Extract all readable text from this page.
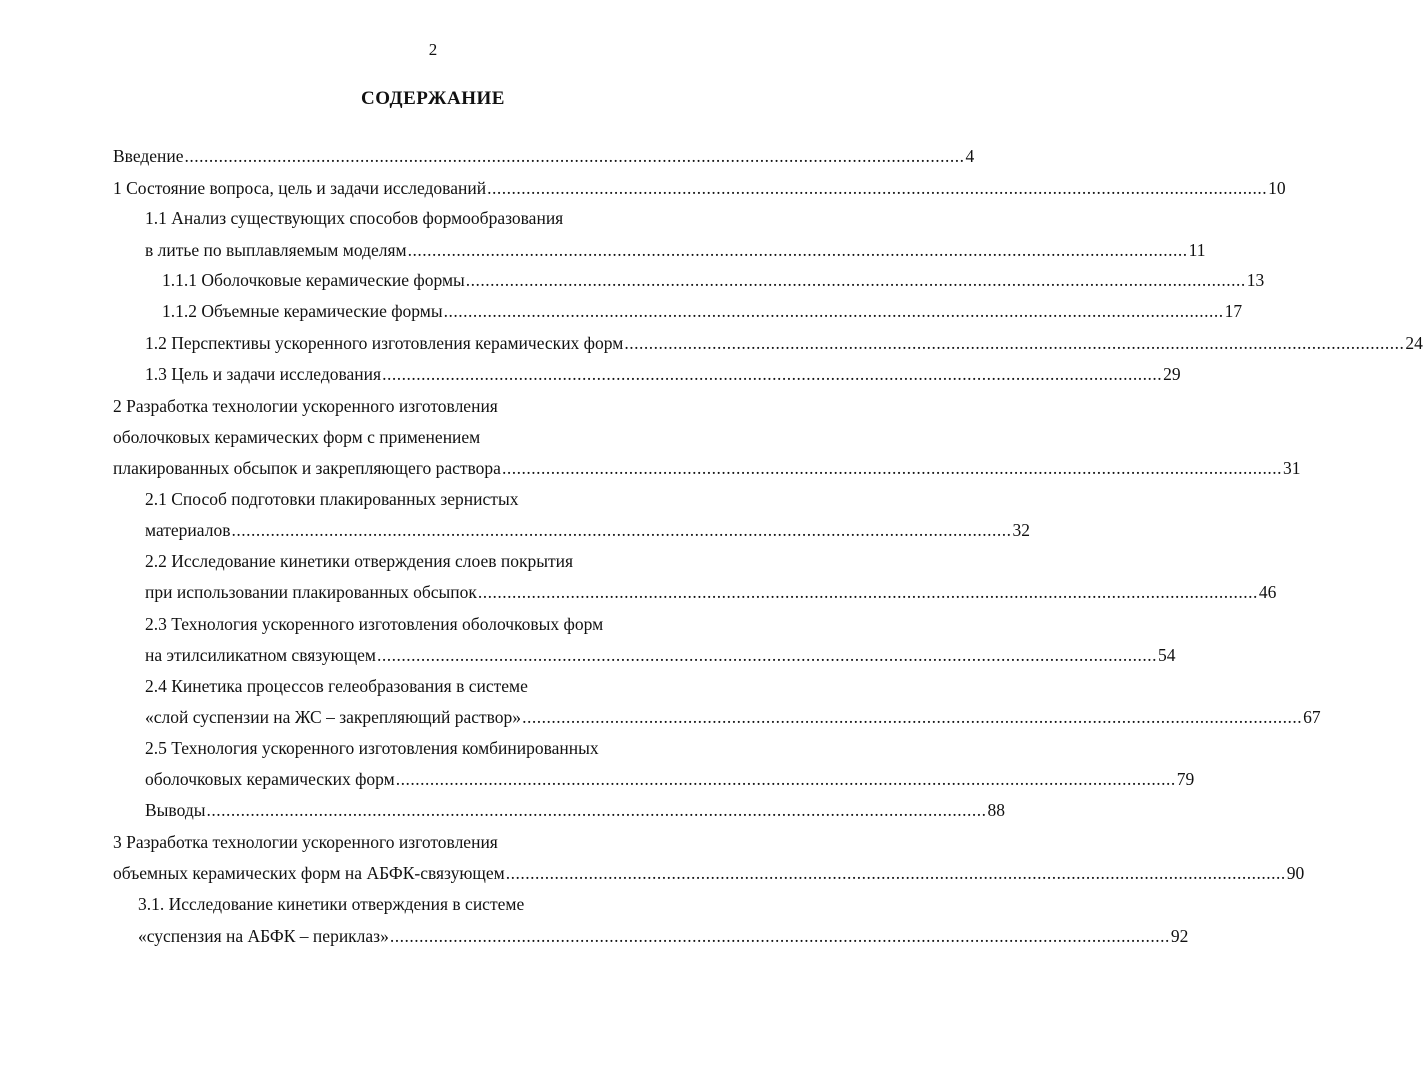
2
СОДЕРЖАНИЕ
Введение ................................................................................................................................................................ 4
1 Состояние вопроса, цель и задачи исследований ................................................................................................................................................................ 10
1.1 Анализ существующих способов формообразования
в литье по выплавляемым моделям ................................................................................................................................................................ 11
1.1.1 Оболочковые керамические формы ................................................................................................................................................................ 13
1.1.2 Объемные керамические формы ................................................................................................................................................................ 17
1.2 Перспективы ускоренного изготовления керамических форм ................................................................................................................................................................ 24
1.3 Цель и задачи исследования ................................................................................................................................................................ 29
2 Разработка технологии ускоренного изготовления
оболочковых керамических форм с применением
плакированных обсыпок и закрепляющего раствора ................................................................................................................................................................ 31
2.1 Способ подготовки плакированных зернистых
материалов ................................................................................................................................................................ 32
2.2 Исследование кинетики отверждения слоев покрытия
при использовании плакированных обсыпок ................................................................................................................................................................ 46
2.3 Технология ускоренного изготовления оболочковых форм
на этилсиликатном связующем ................................................................................................................................................................ 54
2.4 Кинетика процессов гелеобразования в системе
«слой суспензии на ЖС – закрепляющий раствор» ................................................................................................................................................................ 67
2.5 Технология ускоренного изготовления комбинированных
оболочковых керамических форм ................................................................................................................................................................ 79
Выводы ................................................................................................................................................................ 88
3 Разработка технологии ускоренного изготовления
объемных керамических форм на АБФК-связующем ................................................................................................................................................................ 90
3.1. Исследование кинетики отверждения в системе
«суспензия на АБФК – периклаз» ................................................................................................................................................................ 92
